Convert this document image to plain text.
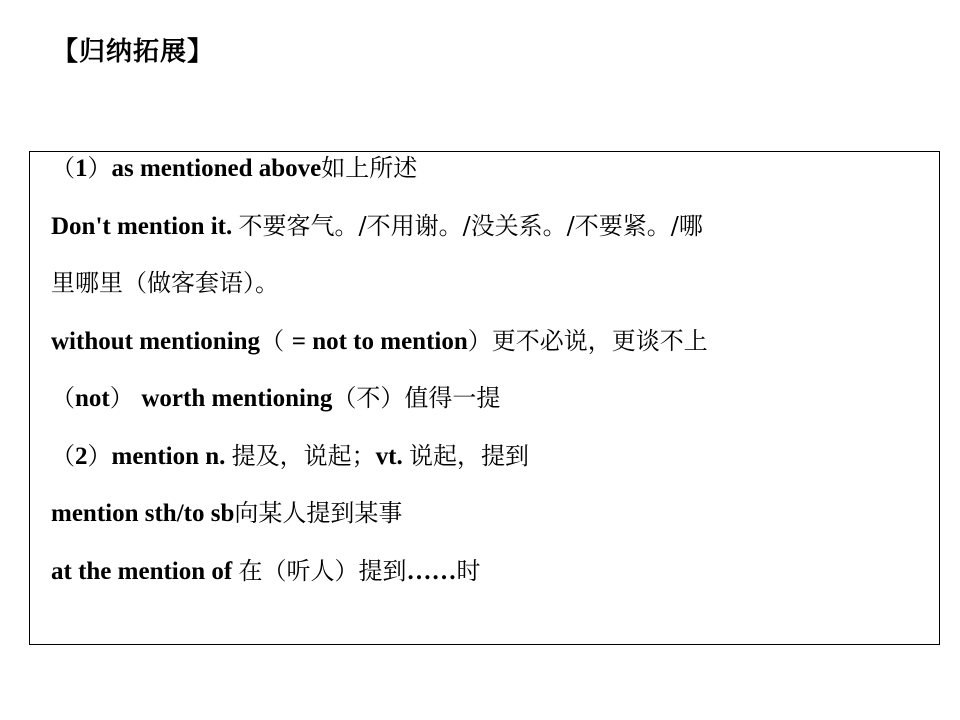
【归纳拓展】
（1）as mentioned above如上所述
Don't mention it. 不要客气。/不用谢。/没关系。/不要紧。/哪
里哪里（做客套语）。
without mentioning（ = not to mention）更不必说，更谈不上
（not） worth mentioning（不）值得一提
（2）mention n. 提及，说起；vt. 说起，提到
mention sth/to sb向某人提到某事
at the mention of 在（听人）提到……时
